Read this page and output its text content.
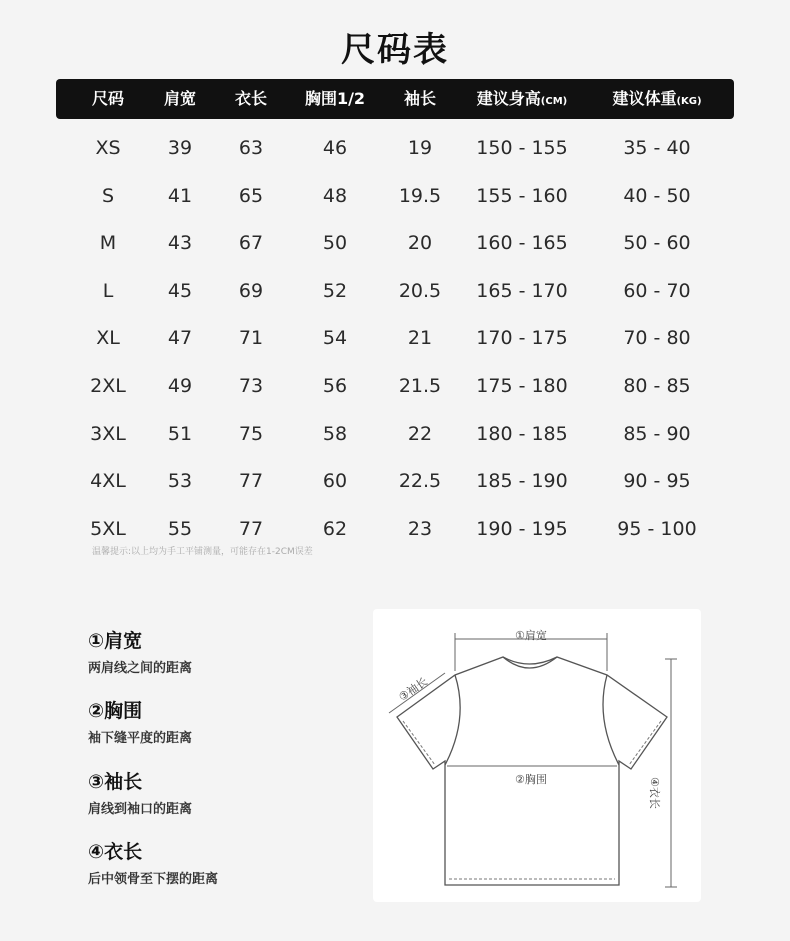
尺码表
尺码	肩宽	衣长	胸围1/2	袖长	建议身高(CM)	建议体重(KG)
XS	39	63	46	19	150 - 155	35 - 40
S	41	65	48	19.5	155 - 160	40 - 50
M	43	67	50	20	160 - 165	50 - 60
L	45	69	52	20.5	165 - 170	60 - 70
XL	47	71	54	21	170 - 175	70 - 80
2XL	49	73	56	21.5	175 - 180	80 - 85
3XL	51	75	58	22	180 - 185	85 - 90
4XL	53	77	60	22.5	185 - 190	90 - 95
5XL	55	77	62	23	190 - 195	95 - 100
温馨提示:以上均为手工平铺测量，可能存在1-2CM误差
①肩宽
两肩线之间的距离
②胸围
袖下缝平度的距离
③袖长
肩线到袖口的距离
④衣长
后中领骨至下摆的距离
①肩宽
②胸围
③袖长
④衣长
